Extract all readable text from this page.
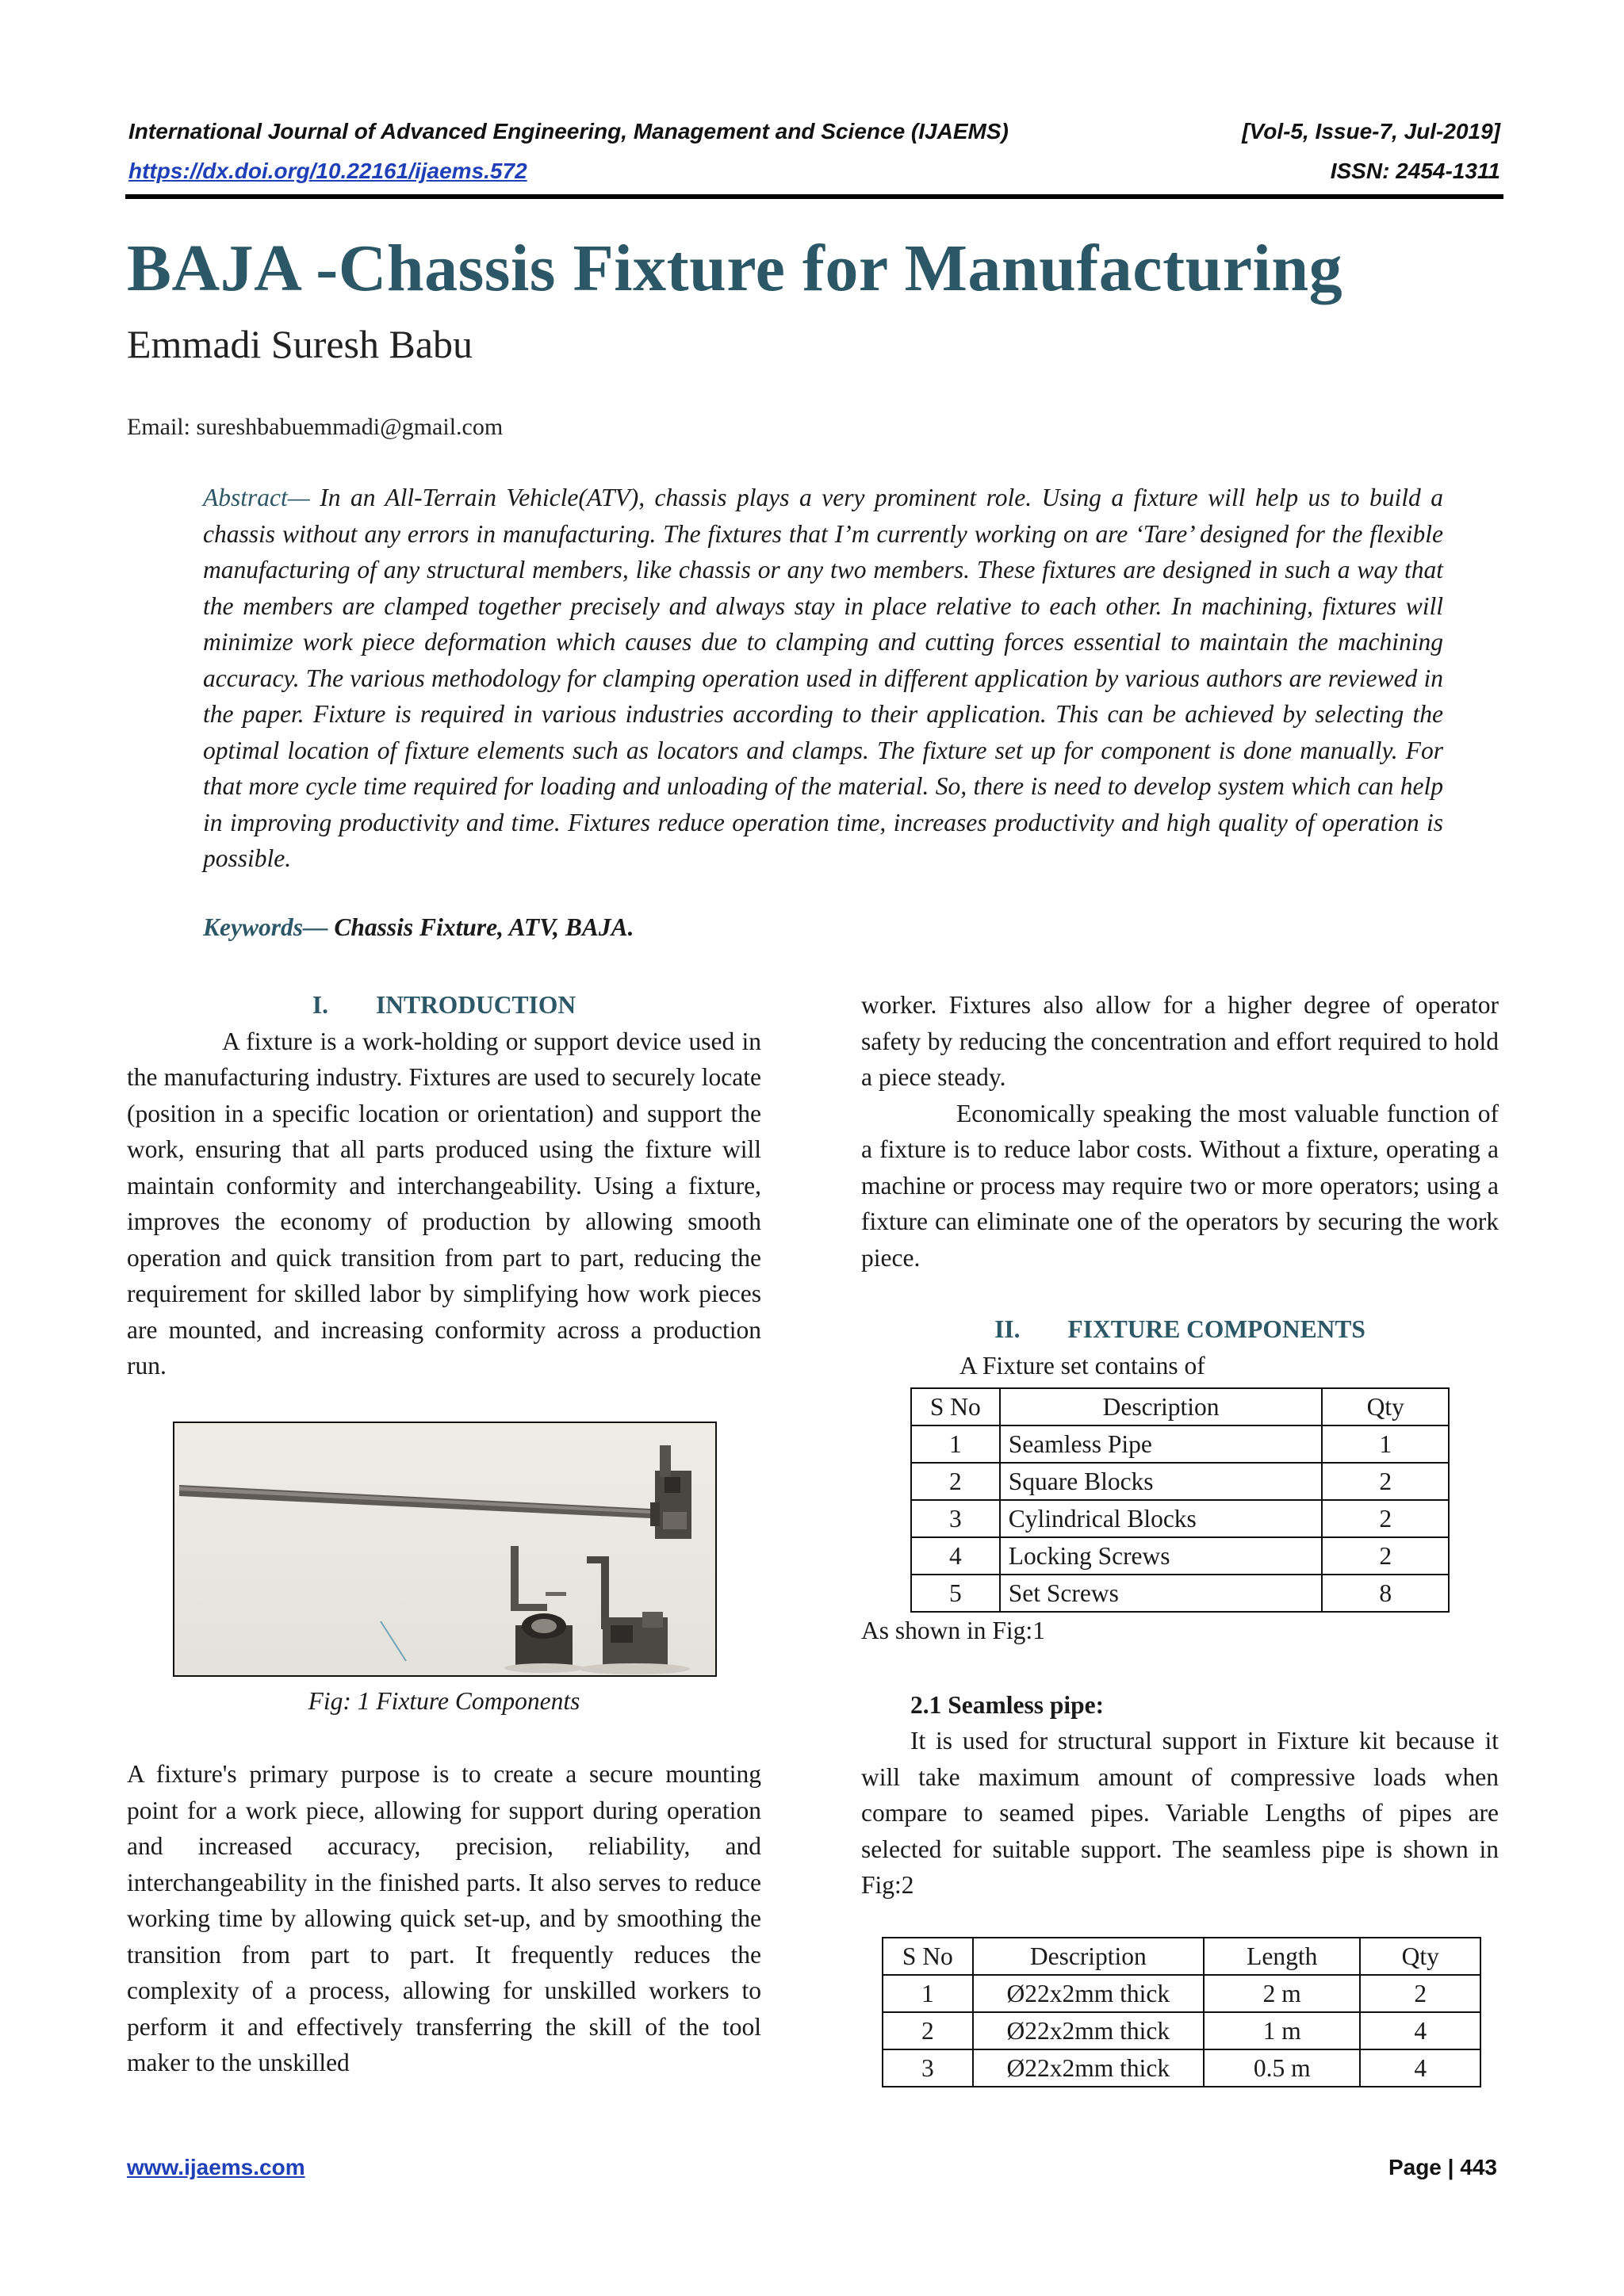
International Journal of Advanced Engineering, Management and Science (IJAEMS)	[Vol-5, Issue-7, Jul-2019]
https://dx.doi.org/10.22161/ijaems.572	ISSN: 2454-1311
BAJA -Chassis Fixture for Manufacturing
Emmadi Suresh Babu
Email: sureshbabuemmadi@gmail.com
Abstract— In an All-Terrain Vehicle(ATV), chassis plays a very prominent role. Using a fixture will help us to build a chassis without any errors in manufacturing. The fixtures that I’m currently working on are ‘Tare’ designed for the flexible manufacturing of any structural members, like chassis or any two members. These fixtures are designed in such a way that the members are clamped together precisely and always stay in place relative to each other. In machining, fixtures will minimize work piece deformation which causes due to clamping and cutting forces essential to maintain the machining accuracy. The various methodology for clamping operation used in different application by various authors are reviewed in the paper. Fixture is required in various industries according to their application. This can be achieved by selecting the optimal location of fixture elements such as locators and clamps. The fixture set up for component is done manually. For that more cycle time required for loading and unloading of the material. So, there is need to develop system which can help in improving productivity and time. Fixtures reduce operation time, increases productivity and high quality of operation is possible.
Keywords— Chassis Fixture, ATV, BAJA.
I. INTRODUCTION

A fixture is a work-holding or support device used in the manufacturing industry. Fixtures are used to securely locate (position in a specific location or orientation) and support the work, ensuring that all parts produced using the fixture will maintain conformity and interchangeability. Using a fixture, improves the economy of production by allowing smooth operation and quick transition from part to part, reducing the requirement for skilled labor by simplifying how work pieces are mounted, and increasing conformity across a production run.

Fig: 1 Fixture Components

A fixture's primary purpose is to create a secure mounting point for a work piece, allowing for support during operation and increased accuracy, precision, reliability, and interchangeability in the finished parts. It also serves to reduce working time by allowing quick set-up, and by smoothing the transition from part to part. It frequently reduces the complexity of a process, allowing for unskilled workers to perform it and effectively transferring the skill of the tool maker to the unskilled

worker. Fixtures also allow for a higher degree of operator safety by reducing the concentration and effort required to hold a piece steady.

Economically speaking the most valuable function of a fixture is to reduce labor costs. Without a fixture, operating a machine or process may require two or more operators; using a fixture can eliminate one of the operators by securing the work piece.

II. FIXTURE COMPONENTS

A Fixture set contains of

S No	Description	Qty
1	Seamless Pipe	1
2	Square Blocks	2
3	Cylindrical Blocks	2
4	Locking Screws	2
5	Set Screws	8

As shown in Fig:1

2.1 Seamless pipe:

It is used for structural support in Fixture kit because it will take maximum amount of compressive loads when compare to seamed pipes. Variable Lengths of pipes are selected for suitable support. The seamless pipe is shown in Fig:2

S No	Description	Length	Qty
1	Ø22x2mm thick	2 m	2
2	Ø22x2mm thick	1 m	4
3	Ø22x2mm thick	0.5 m	4
www.ijaems.com	Page | 443
